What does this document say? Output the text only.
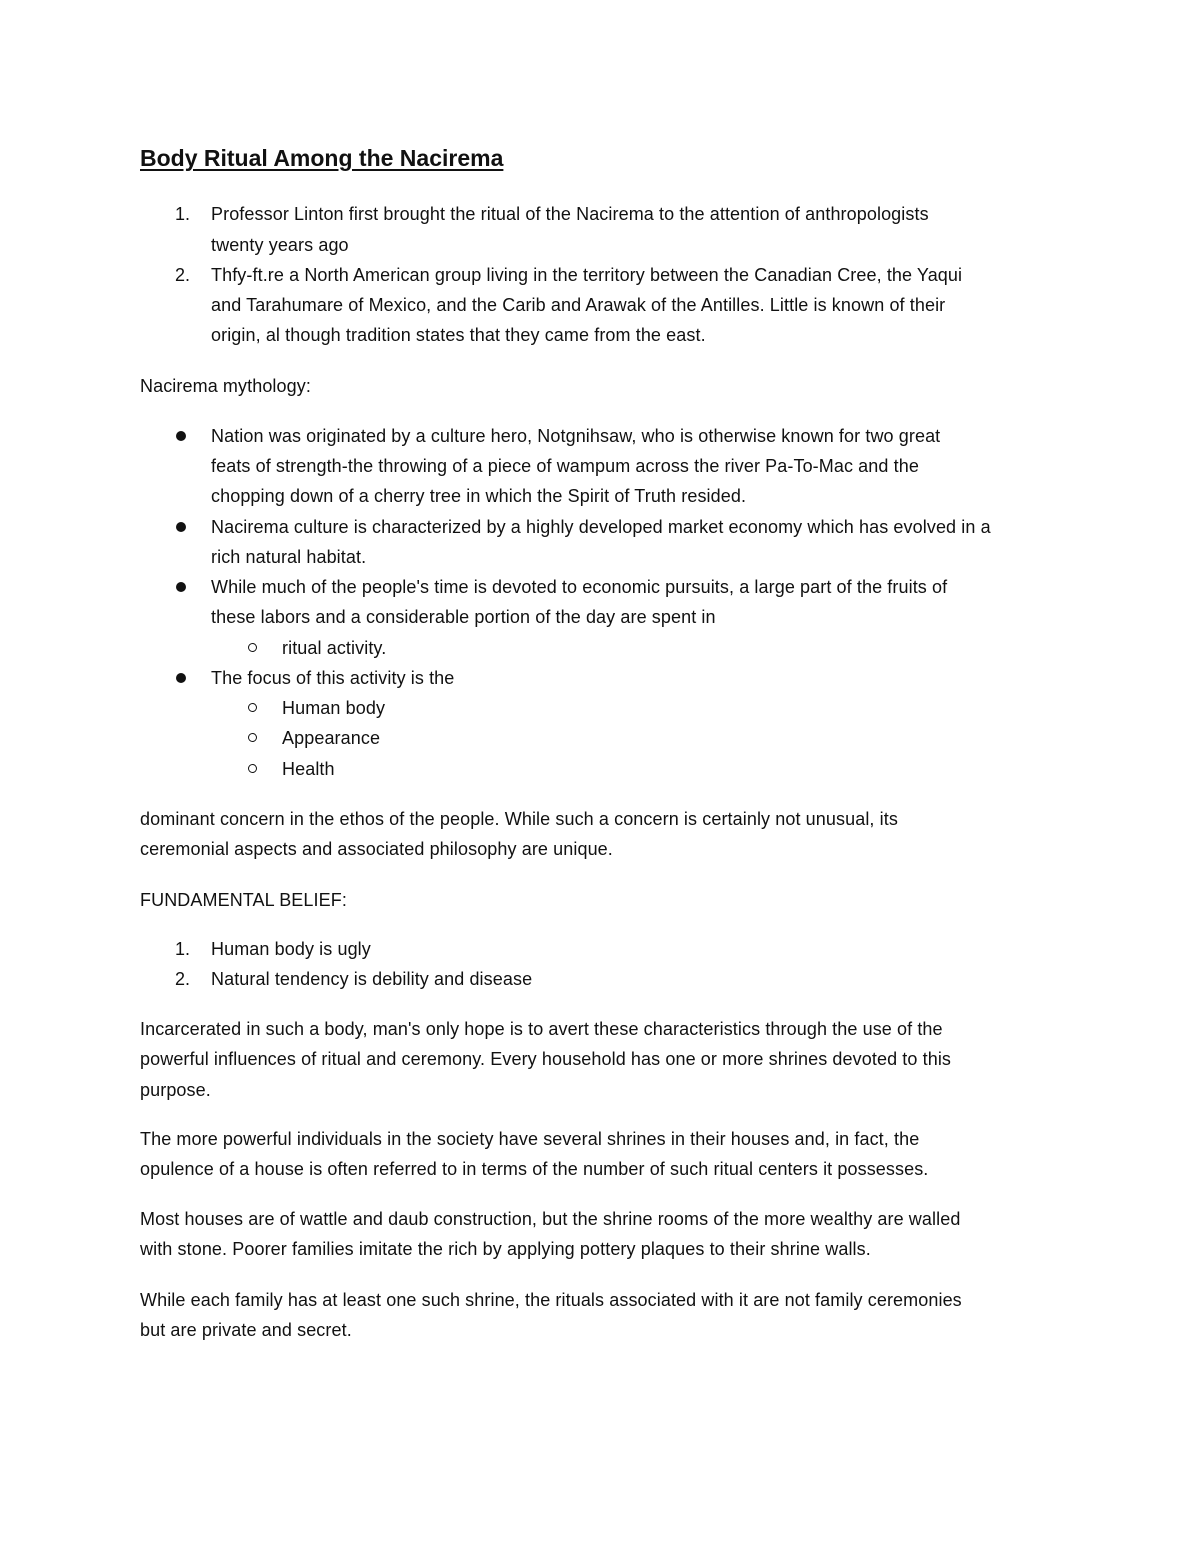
Body Ritual Among the Nacirema
1. Professor Linton first brought the ritual of the Nacirema to the attention of anthropologists
twenty years ago
2. Thfy-ft.re a North American group living in the territory between the Canadian Cree, the Yaqui
and Tarahumare of Mexico, and the Carib and Arawak of the Antilles. Little is known of their
origin, al though tradition states that they came from the east.
Nacirema mythology:
Nation was originated by a culture hero, Notgnihsaw, who is otherwise known for two great
feats of strength-the throwing of a piece of wampum across the river Pa-To-Mac and the
chopping down of a cherry tree in which the Spirit of Truth resided.
Nacirema culture is characterized by a highly developed market economy which has evolved in a
rich natural habitat.
While much of the people's time is devoted to economic pursuits, a large part of the fruits of
these labors and a considerable portion of the day are spent in
ritual activity.
The focus of this activity is the
Human body
Appearance
Health
dominant concern in the ethos of the people. While such a concern is certainly not unusual, its
ceremonial aspects and associated philosophy are unique.
FUNDAMENTAL BELIEF:
1. Human body is ugly
2. Natural tendency is debility and disease
Incarcerated in such a body, man's only hope is to avert these characteristics through the use of the
powerful influences of ritual and ceremony. Every household has one or more shrines devoted to this
purpose.
The more powerful individuals in the society have several shrines in their houses and, in fact, the
opulence of a house is often referred to in terms of the number of such ritual centers it possesses.
Most houses are of wattle and daub construction, but the shrine rooms of the more wealthy are walled
with stone. Poorer families imitate the rich by applying pottery plaques to their shrine walls.
While each family has at least one such shrine, the rituals associated with it are not family ceremonies
but are private and secret.
